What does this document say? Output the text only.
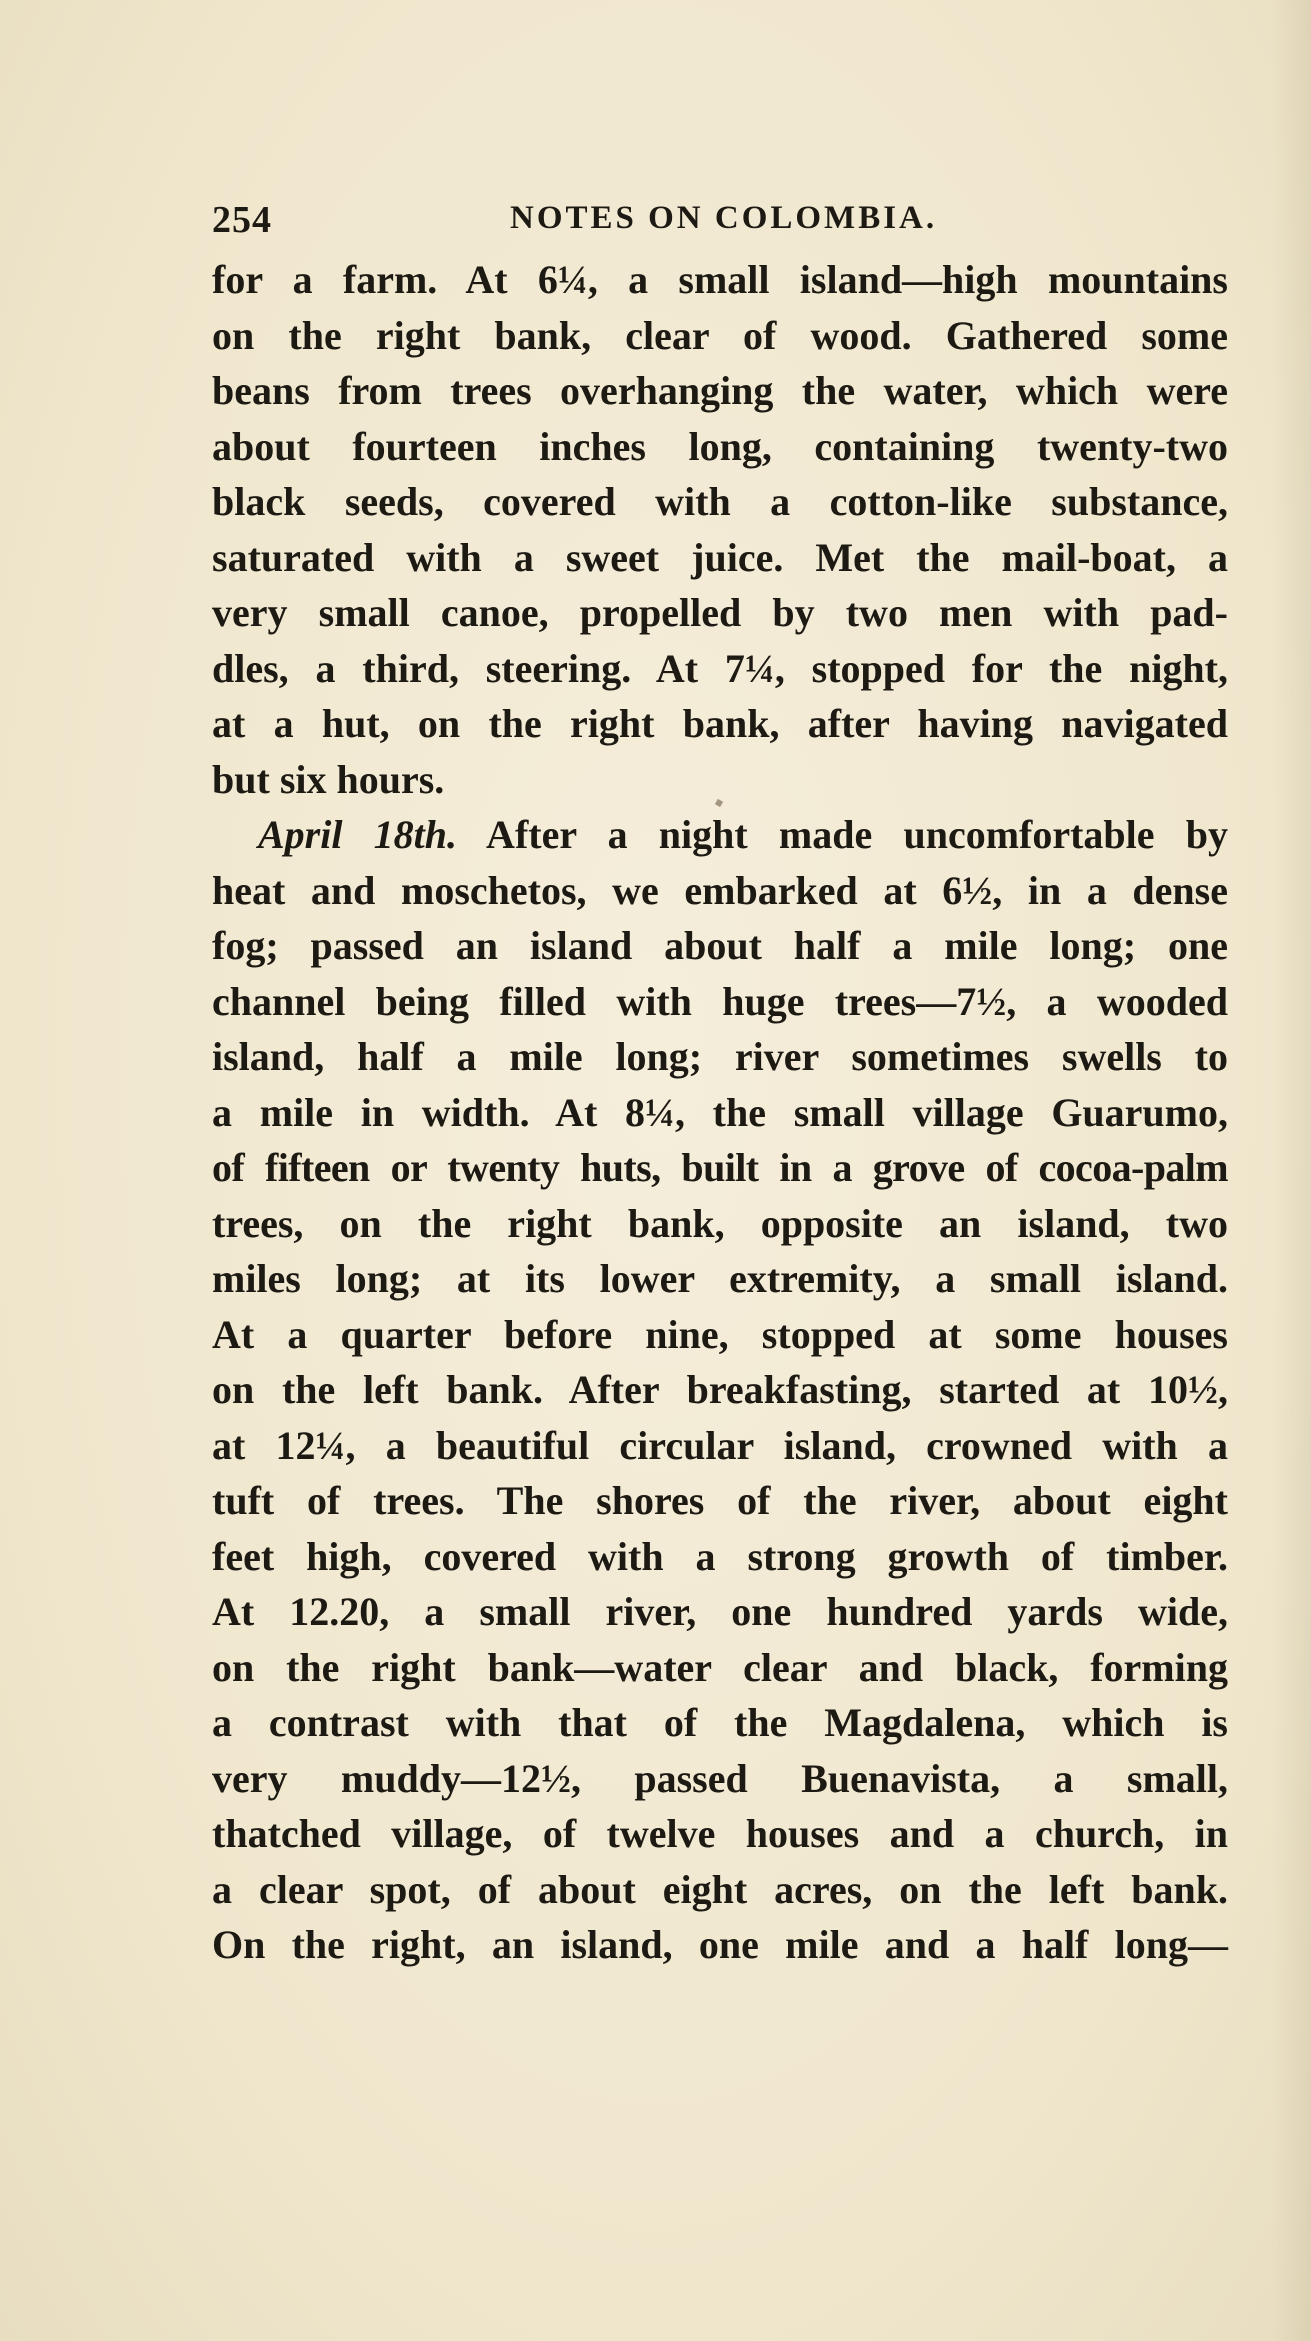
254	NOTES ON COLOMBIA.
for a farm. At 6¼, a small island—high mountains
on the right bank, clear of wood. Gathered some
beans from trees overhanging the water, which were
about fourteen inches long, containing twenty-two
black seeds, covered with a cotton-like substance,
saturated with a sweet juice. Met the mail-boat, a
very small canoe, propelled by two men with pad-
dles, a third, steering. At 7¼, stopped for the night,
at a hut, on the right bank, after having navigated
but six hours.
April 18th. After a night made uncomfortable by
heat and moschetos, we embarked at 6½, in a dense
fog; passed an island about half a mile long; one
channel being filled with huge trees—7½, a wooded
island, half a mile long; river sometimes swells to
a mile in width. At 8¼, the small village Guarumo,
of fifteen or twenty huts, built in a grove of cocoa-palm
trees, on the right bank, opposite an island, two
miles long; at its lower extremity, a small island.
At a quarter before nine, stopped at some houses
on the left bank. After breakfasting, started at 10½,
at 12¼, a beautiful circular island, crowned with a
tuft of trees. The shores of the river, about eight
feet high, covered with a strong growth of timber.
At 12.20, a small river, one hundred yards wide,
on the right bank—water clear and black, forming
a contrast with that of the Magdalena, which is
very muddy—12½, passed Buenavista, a small,
thatched village, of twelve houses and a church, in
a clear spot, of about eight acres, on the left bank.
On the right, an island, one mile and a half long—
